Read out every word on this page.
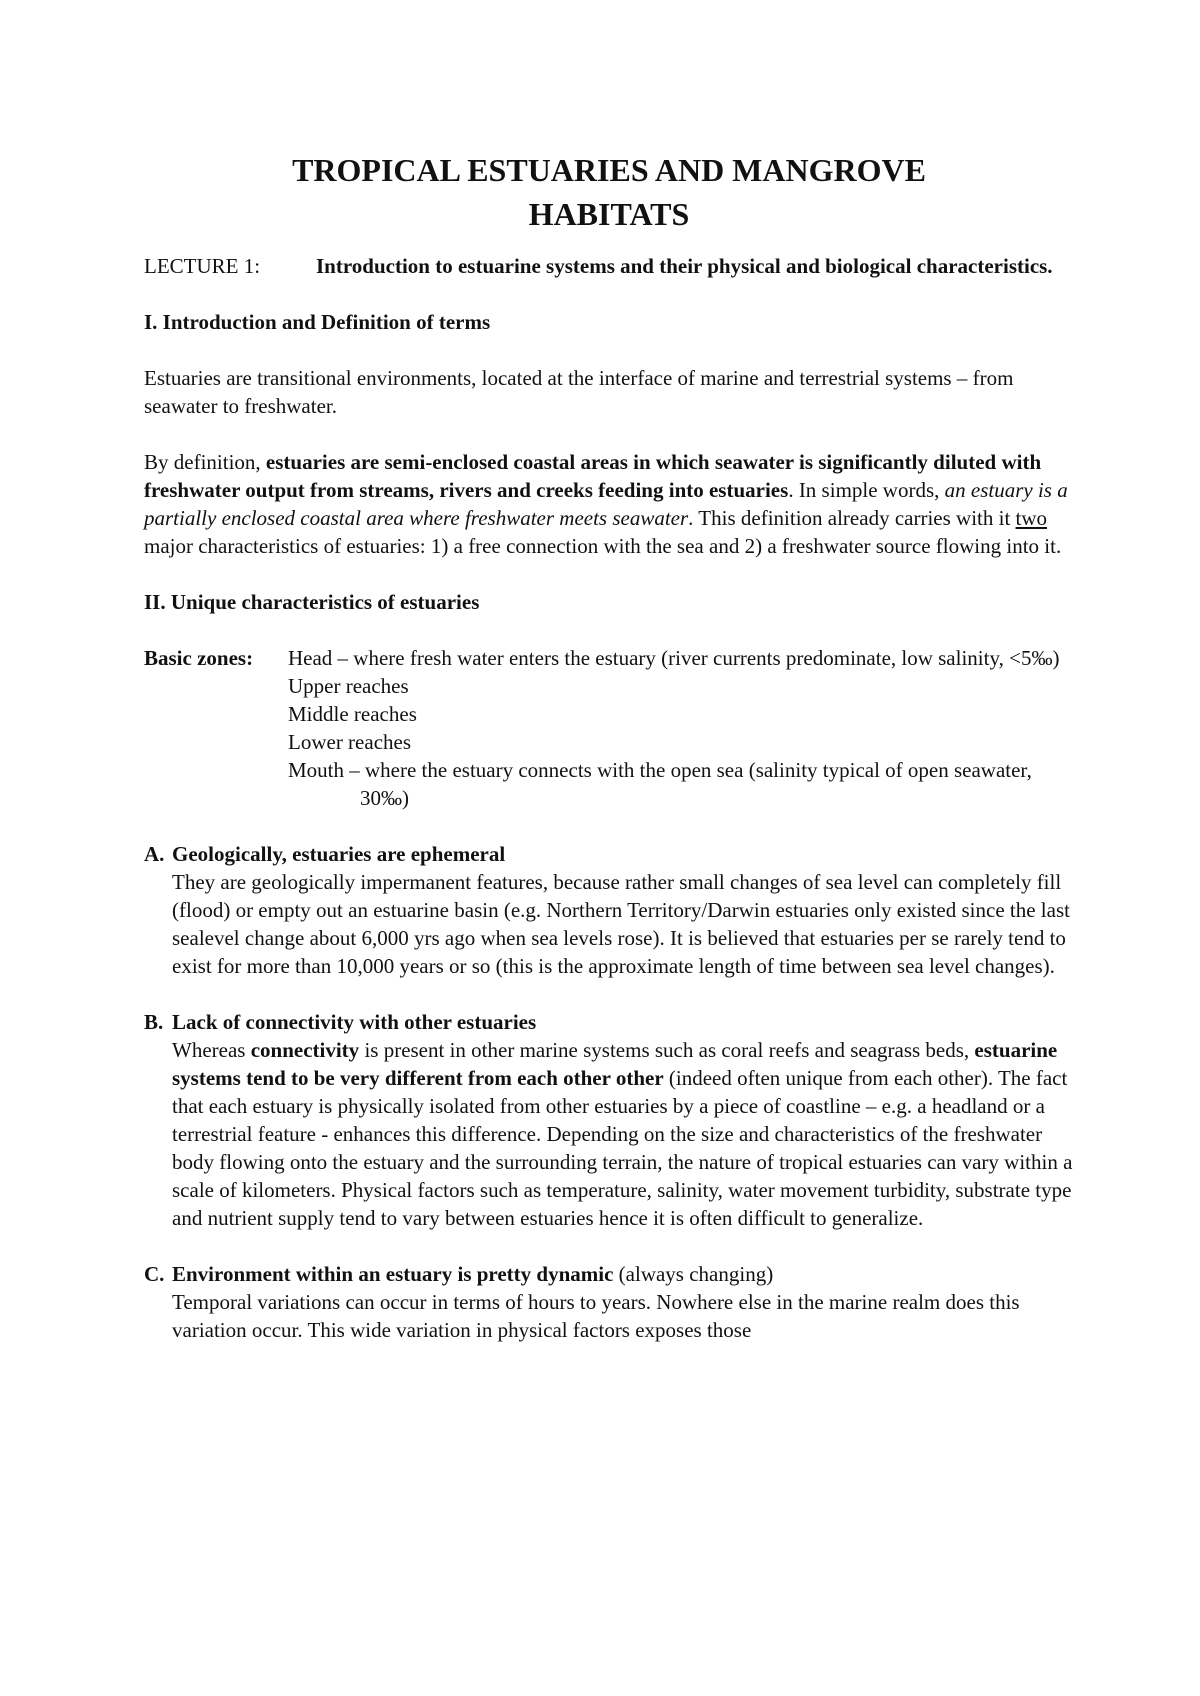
TROPICAL ESTUARIES AND MANGROVE
HABITATS
LECTURE 1:	Introduction to estuarine systems and their physical and biological characteristics.

I. Introduction and Definition of terms

Estuaries are transitional environments, located at the interface of marine and terrestrial systems – from seawater to freshwater.

By definition, estuaries are semi-enclosed coastal areas in which seawater is significantly diluted with freshwater output from streams, rivers and creeks feeding into estuaries. In simple words, an estuary is a partially enclosed coastal area where freshwater meets seawater. This definition already carries with it two major characteristics of estuaries: 1) a free connection with the sea and 2) a freshwater source flowing into it.

II. Unique characteristics of estuaries

Basic zones:	Head – where fresh water enters the estuary (river currents predominate, low salinity, <5‰)
Upper reaches
Middle reaches
Lower reaches
Mouth – where the estuary connects with the open sea (salinity typical of open seawater, 30‰)
A. Geologically, estuaries are ephemeral
They are geologically impermanent features, because rather small changes of sea level can completely fill (flood) or empty out an estuarine basin (e.g. Northern Territory/Darwin estuaries only existed since the last sealevel change about 6,000 yrs ago when sea levels rose). It is believed that estuaries per se rarely tend to exist for more than 10,000 years or so (this is the approximate length of time between sea level changes).
B. Lack of connectivity with other estuaries
Whereas connectivity is present in other marine systems such as coral reefs and seagrass beds, estuarine systems tend to be very different from each other other (indeed often unique from each other). The fact that each estuary is physically isolated from other estuaries by a piece of coastline – e.g. a headland or a terrestrial feature - enhances this difference. Depending on the size and characteristics of the freshwater body flowing onto the estuary and the surrounding terrain, the nature of tropical estuaries can vary within a scale of kilometers. Physical factors such as temperature, salinity, water movement turbidity, substrate type and nutrient supply tend to vary between estuaries hence it is often difficult to generalize.
C. Environment within an estuary is pretty dynamic (always changing)
Temporal variations can occur in terms of hours to years. Nowhere else in the marine realm does this variation occur. This wide variation in physical factors exposes those
